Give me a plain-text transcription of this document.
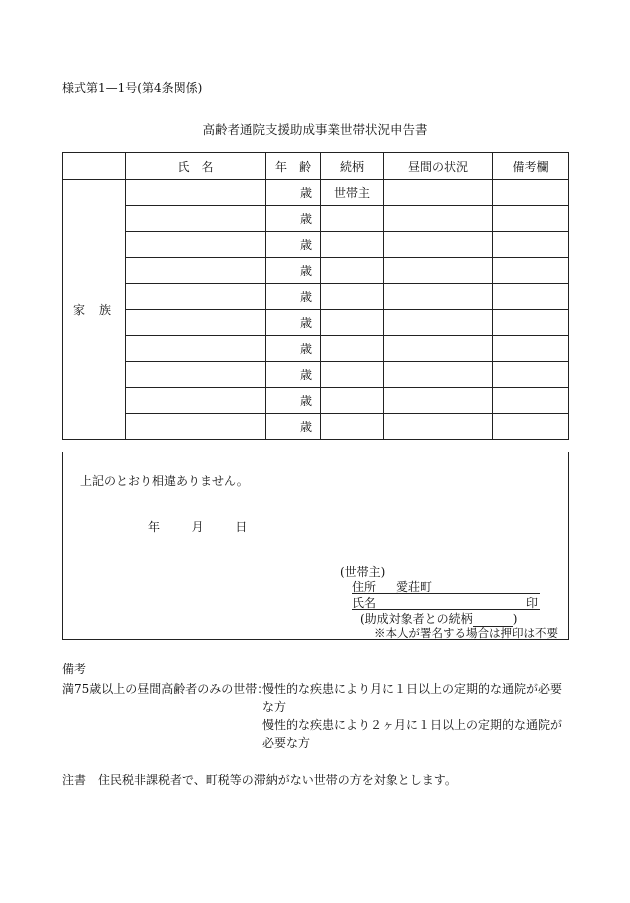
様式第1—1号(第4条関係)
高齢者通院支援助成事業世帯状況申告書
	氏　名	年　齢	続柄	昼間の状況	備考欄
家族		歳	世帯主		
		歳			
		歳			
		歳			
		歳			
		歳			
		歳			
		歳			
		歳			
		歳			
上記のとおり相違ありません。
年	月	日
(世帯主)
住所 愛荘町
氏名	印
(助成対象者との続柄	)
※本人が署名する場合は押印は不要
備考
満75歳以上の昼間高齢者のみの世帯：
慢性的な疾患により月に１日以上の定期的な通院が必要な方
慢性的な疾患により２ヶ月に１日以上の定期的な通院が必要な方
注書 住民税非課税者で、町税等の滞納がない世帯の方を対象とします。
